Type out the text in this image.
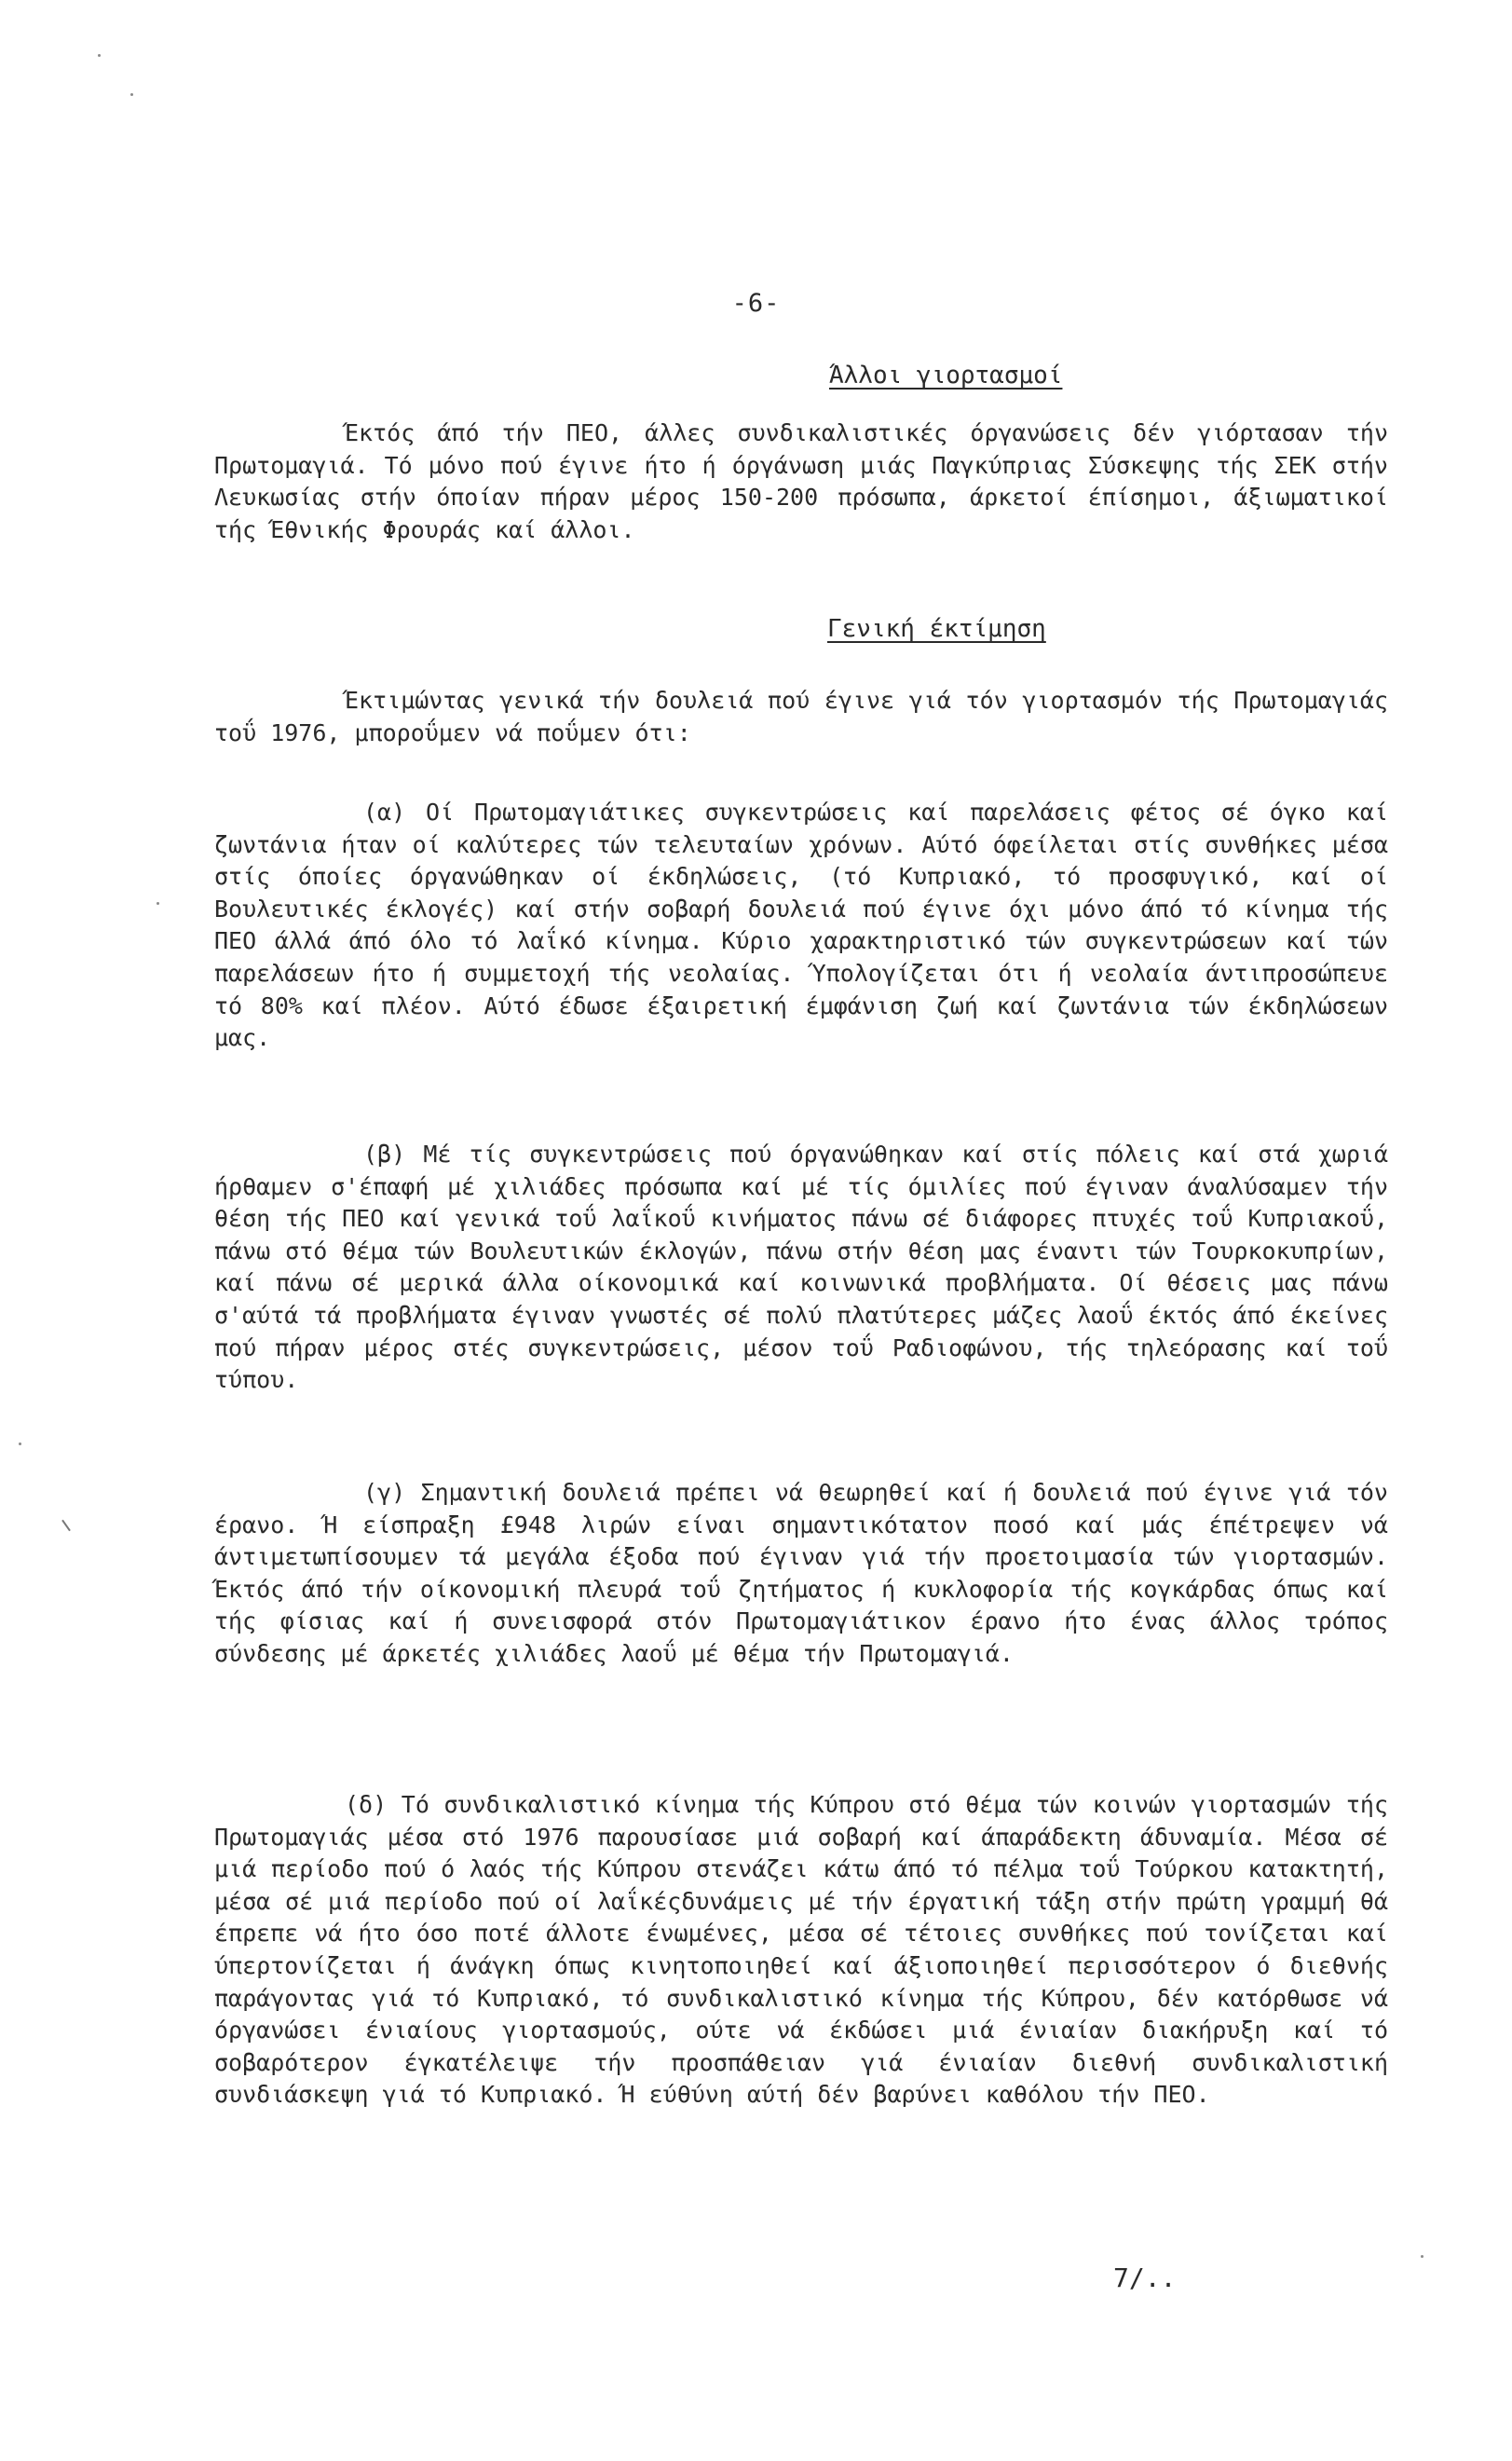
-6-
Άλλοι γιορτασμοί

Έκτός άπό τήν ΠΕΟ, άλλες συνδικαλιστικές όργανώσεις δέν γιόρτασαν τήν Πρωτομαγιά. Τό μόνο πού έγινε ήτο ή όργάνωση μιάς Παγκύπριας Σύσκεψης τής ΣΕΚ στήν Λευκωσίας στήν όποίαν πήραν μέρος 150-200 πρόσωπα, άρκετοί έπίσημοι, άξιωματικοί τής Έθνικής Φρουράς καί άλλοι.

Γενική έκτίμηση

Έκτιμώντας γενικά τήν δουλειά πού έγινε γιά τόν γιορτασμόν τής Πρωτομαγιάς τοΰ 1976, μποροΰμεν νά ποΰμεν ότι:

(α) Οί Πρωτομαγιάτικες συγκεντρώσεις καί παρελάσεις φέτος σέ όγκο καί ζωντάνια ήταν οί καλύτερες τών τελευταίων χρόνων. Αύτό όφείλεται στίς συνθήκες μέσα στίς όποίες όργανώθηκαν οί έκδηλώσεις, (τό Κυπριακό, τό προσφυγικό, καί οί Βουλευτικές έκλογές) καί στήν σοβαρή δουλειά πού έγινε όχι μόνο άπό τό κίνημα τής ΠΕΟ άλλά άπό όλο τό λαΐκό κίνημα. Κύριο χαρακτηριστικό τών συγκεντρώσεων καί τών παρελάσεων ήτο ή συμμετοχή τής νεολαίας. Ύπολογίζεται ότι ή νεολαία άντιπροσώπευε τό 80% καί πλέον. Αύτό έδωσε έξαιρετική έμφάνιση ζωή καί ζωντάνια τών έκδηλώσεων μας.

(β) Μέ τίς συγκεντρώσεις πού όργανώθηκαν καί στίς πόλεις καί στά χωριά ήρθαμεν σ'έπαφή μέ χιλιάδες πρόσωπα καί μέ τίς όμιλίες πού έγιναν άναλύσαμεν τήν θέση τής ΠΕΟ καί γενικά τοΰ λαΐκοΰ κινήματος πάνω σέ διάφορες πτυχές τοΰ Κυπριακοΰ, πάνω στό θέμα τών Βουλευτικών έκλογών, πάνω στήν θέση μας έναντι τών Τουρκοκυπρίων, καί πάνω σέ μερικά άλλα οίκονομικά καί κοινωνικά προβλήματα. Οί θέσεις μας πάνω σ'αύτά τά προβλήματα έγιναν γνωστές σέ πολύ πλατύτερες μάζες λαοΰ έκτός άπό έκείνες πού πήραν μέρος στές συγκεντρώσεις, μέσον τοΰ Ραδιοφώνου, τής τηλεόρασης καί τοΰ τύπου.

(γ) Σημαντική δουλειά πρέπει νά θεωρηθεί καί ή δουλειά πού έγινε γιά τόν έρανο. Ή είσπραξη £948 λιρών είναι σημαντικότατον ποσό καί μάς έπέτρεψεν νά άντιμετωπίσουμεν τά μεγάλα έξοδα πού έγιναν γιά τήν προετοιμασία τών γιορτασμών. Έκτός άπό τήν οίκονομική πλευρά τοΰ ζητήματος ή κυκλοφορία τής κογκάρδας όπως καί τής φίσιας καί ή συνεισφορά στόν Πρωτομαγιάτικον έρανο ήτο ένας άλλος τρόπος σύνδεσης μέ άρκετές χιλιάδες λαοΰ μέ θέμα τήν Πρωτομαγιά.

(δ) Τό συνδικαλιστικό κίνημα τής Κύπρου στό θέμα τών κοινών γιορτασμών τής Πρωτομαγιάς μέσα στό 1976 παρουσίασε μιά σοβαρή καί άπαράδεκτη άδυναμία. Μέσα σέ μιά περίοδο πού ό λαός τής Κύπρου στενάζει κάτω άπό τό πέλμα τοΰ Τούρκου κατακτητή, μέσα σέ μιά περίοδο πού οί λαΐκέςδυνάμεις μέ τήν έργατική τάξη στήν πρώτη γραμμή θά έπρεπε νά ήτο όσο ποτέ άλλοτε ένωμένες, μέσα σέ τέτοιες συνθήκες πού τονίζεται καί ύπερτονίζεται ή άνάγκη όπως κινητοποιηθεί καί άξιοποιηθεί περισσότερον ό διεθνής παράγοντας γιά τό Κυπριακό, τό συνδικαλιστικό κίνημα τής Κύπρου, δέν κατόρθωσε νά όργανώσει ένιαίους γιορτασμούς, ούτε νά έκδώσει μιά ένιαίαν διακήρυξη καί τό σοβαρότερον έγκατέλειψε τήν προσπάθειαν γιά ένιαίαν διεθνή συνδικαλιστική συνδιάσκεψη γιά τό Κυπριακό. Ή εύθύνη αύτή δέν βαρύνει καθόλου τήν ΠΕΟ.

7/..
